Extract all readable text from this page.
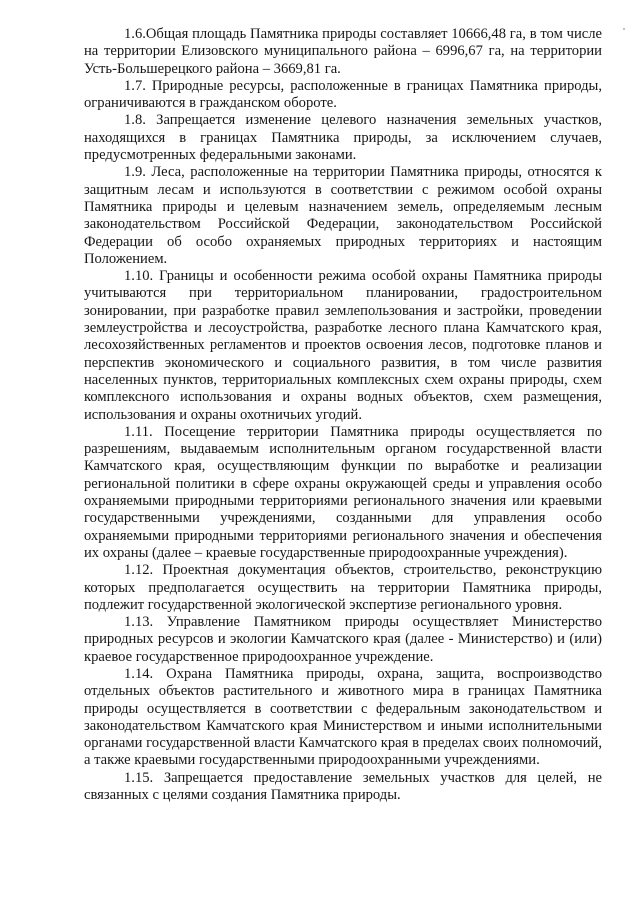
1.6.Общая площадь Памятника природы составляет 10666,48 га, в том числе на территории Елизовского муниципального района – 6996,67 га, на территории Усть-Большерецкого района – 3669,81 га.

1.7. Природные ресурсы, расположенные в границах Памятника природы, ограничиваются в гражданском обороте.

1.8. Запрещается изменение целевого назначения земельных участков, находящихся в границах Памятника природы, за исключением случаев, предусмотренных федеральными законами.

1.9. Леса, расположенные на территории Памятника природы, относятся к защитным лесам и используются в соответствии с режимом особой охраны Памятника природы и целевым назначением земель, определяемым лесным законодательством Российской Федерации, законодательством Российской Федерации об особо охраняемых природных территориях и настоящим Положением.

1.10. Границы и особенности режима особой охраны Памятника природы учитываются при территориальном планировании, градостроительном зонировании, при разработке правил землепользования и застройки, проведении землеустройства и лесоустройства, разработке лесного плана Камчатского края, лесохозяйственных регламентов и проектов освоения лесов, подготовке планов и перспектив экономического и социального развития, в том числе развития населенных пунктов, территориальных комплексных схем охраны природы, схем комплексного использования и охраны водных объектов, схем размещения, использования и охраны охотничьих угодий.

1.11. Посещение территории Памятника природы осуществляется по разрешениям, выдаваемым исполнительным органом государственной власти Камчатского края, осуществляющим функции по выработке и реализации региональной политики в сфере охраны окружающей среды и управления особо охраняемыми природными территориями регионального значения или краевыми государственными учреждениями, созданными для управления особо охраняемыми природными территориями регионального значения и обеспечения их охраны (далее – краевые государственные природоохранные учреждения).

1.12. Проектная документация объектов, строительство, реконструкцию которых предполагается осуществить на территории Памятника природы, подлежит государственной экологической экспертизе регионального уровня.

1.13. Управление Памятником природы осуществляет Министерство природных ресурсов и экологии Камчатского края (далее - Министерство) и (или) краевое государственное природоохранное учреждение.

1.14. Охрана Памятника природы, охрана, защита, воспроизводство отдельных объектов растительного и животного мира в границах Памятника природы осуществляется в соответствии с федеральным законодательством и законодательством Камчатского края Министерством и иными исполнительными органами государственной власти Камчатского края в пределах своих полномочий, а также краевыми государственными природоохранными учреждениями.

1.15. Запрещается предоставление земельных участков для целей, не связанных с целями создания Памятника природы.
